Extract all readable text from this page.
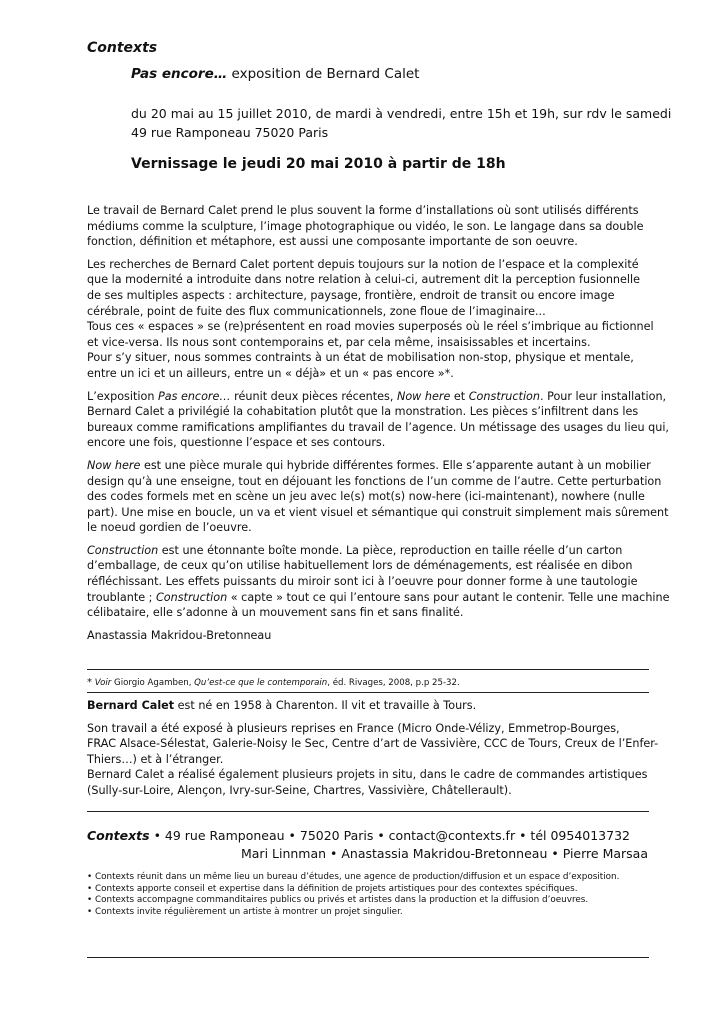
Contexts
Pas encore… exposition de Bernard Calet
du 20 mai au 15 juillet 2010, de mardi à vendredi, entre 15h et 19h, sur rdv le samedi
49 rue Ramponeau 75020 Paris
Vernissage le jeudi 20 mai 2010 à partir de 18h

Le travail de Bernard Calet prend le plus souvent la forme d’installations où sont utilisés différents
médiums comme la sculpture, l’image photographique ou vidéo, le son. Le langage dans sa double
fonction, définition et métaphore, est aussi une composante importante de son oeuvre.

Les recherches de Bernard Calet portent depuis toujours sur la notion de l’espace et la complexité
que la modernité a introduite dans notre relation à celui-ci, autrement dit la perception fusionnelle
de ses multiples aspects : architecture, paysage, frontière, endroit de transit ou encore image
cérébrale, point de fuite des flux communicationnels, zone floue de l’imaginaire...
Tous ces « espaces » se (re)présentent en road movies superposés où le réel s’imbrique au fictionnel
et vice-versa. Ils nous sont contemporains et, par cela même, insaisissables et incertains.
Pour s’y situer, nous sommes contraints à un état de mobilisation non-stop, physique et mentale,
entre un ici et un ailleurs, entre un « déjà» et un « pas encore »*.

L’exposition Pas encore… réunit deux pièces récentes, Now here et Construction. Pour leur installation,
Bernard Calet a privilégié la cohabitation plutôt que la monstration. Les pièces s’infiltrent dans les
bureaux comme ramifications amplifiantes du travail de l’agence. Un métissage des usages du lieu qui,
encore une fois, questionne l’espace et ses contours.

Now here est une pièce murale qui hybride différentes formes. Elle s’apparente autant à un mobilier
design qu’à une enseigne, tout en déjouant les fonctions de l’un comme de l’autre. Cette perturbation
des codes formels met en scène un jeu avec le(s) mot(s) now-here (ici-maintenant), nowhere (nulle
part). Une mise en boucle, un va et vient visuel et sémantique qui construit simplement mais sûrement
le noeud gordien de l’oeuvre.

Construction est une étonnante boîte monde. La pièce, reproduction en taille réelle d’un carton
d’emballage, de ceux qu’on utilise habituellement lors de déménagements, est réalisée en dibon
réfléchissant. Les effets puissants du miroir sont ici à l’oeuvre pour donner forme à une tautologie
troublante ; Construction « capte » tout ce qui l’entoure sans pour autant le contenir. Telle une machine
célibataire, elle s’adonne à un mouvement sans fin et sans finalité.

Anastassia Makridou-Bretonneau

* Voir Giorgio Agamben, Qu’est-ce que le contemporain, éd. Rivages, 2008, p.p 25-32.

Bernard Calet est né en 1958 à Charenton. Il vit et travaille à Tours.

Son travail a été exposé à plusieurs reprises en France (Micro Onde-Vélizy, Emmetrop-Bourges,
FRAC Alsace-Sélestat, Galerie-Noisy le Sec, Centre d’art de Vassivière, CCC de Tours, Creux de l’Enfer-
Thiers…) et à l’étranger.
Bernard Calet a réalisé également plusieurs projets in situ, dans le cadre de commandes artistiques
(Sully-sur-Loire, Alençon, Ivry-sur-Seine, Chartres, Vassivière, Châtellerault).

Contexts • 49 rue Ramponeau • 75020 Paris • contact@contexts.fr • tél 0954013732
Mari Linnman • Anastassia Makridou-Bretonneau • Pierre Marsaa
• Contexts réunit dans un même lieu un bureau d’études, une agence de production/diffusion et un espace d’exposition.
• Contexts apporte conseil et expertise dans la définition de projets artistiques pour des contextes spécifiques.
• Contexts accompagne commanditaires publics ou privés et artistes dans la production et la diffusion d’oeuvres.
• Contexts invite régulièrement un artiste à montrer un projet singulier.
